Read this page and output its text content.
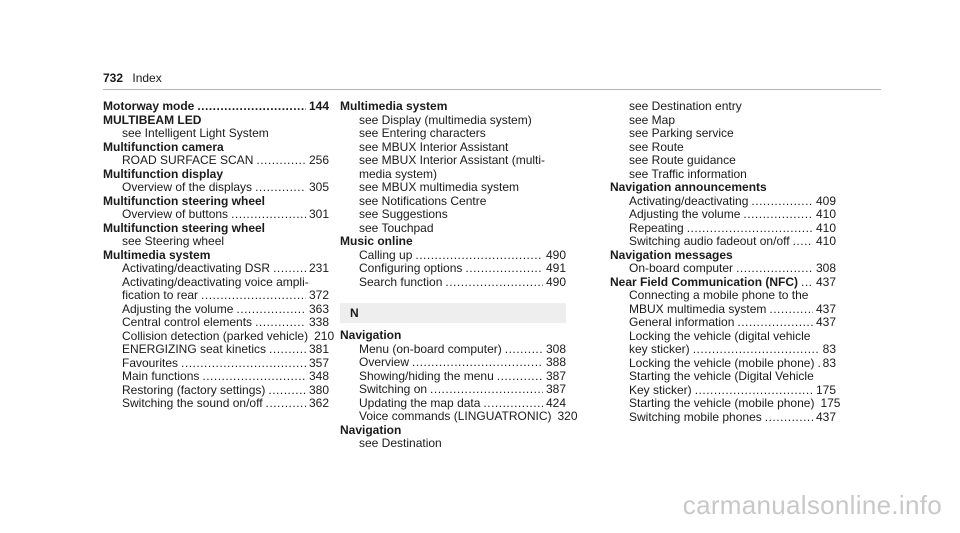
732 Index
Motorway mode .....	144
MULTIBEAM LED
see Intelligent Light System
Multifunction camera
ROAD SURFACE SCAN .....	256
Multifunction display
Overview of the displays .....	305
Multifunction steering wheel
Overview of buttons .....	301
Multifunction steering wheel
see Steering wheel
Multimedia system
Activating/deactivating DSR .....	231
Activating/deactivating voice ampli-
fication to rear .....	372
Adjusting the volume .....	363
Central control elements .....	338
Collision detection (parked vehicle) 210
ENERGIZING seat kinetics .....	381
Favourites .....	357
Main functions .....	348
Restoring (factory settings) .....	380
Switching the sound on/off .....	362
Multimedia system
see Display (multimedia system)
see Entering characters
see MBUX Interior Assistant
see MBUX Interior Assistant (multi-
media system)
see MBUX multimedia system
see Notifications Centre
see Suggestions
see Touchpad
Music online
Calling up .....	490
Configuring options .....	491
Search function .....	490
N
Navigation
Menu (on-board computer) .....	308
Overview .....	388
Showing/hiding the menu .....	387
Switching on .....	387
Updating the map data .....	424
Voice commands (LINGUATRONIC) 320
Navigation
see Destination
see Destination entry
see Map
see Parking service
see Route
see Route guidance
see Traffic information
Navigation announcements
Activating/deactivating .....	409
Adjusting the volume .....	410
Repeating .....	410
Switching audio fadeout on/off ..... 410
Navigation messages
On-board computer .....	308
Near Field Communication (NFC) ..... 437
Connecting a mobile phone to the
MBUX multimedia system .....	437
General information .....	437
Locking the vehicle (digital vehicle
key sticker) .....	83
Locking the vehicle (mobile phone) ..... 83
Starting the vehicle (Digital Vehicle
Key sticker) .....	175
Starting the vehicle (mobile phone) 175
Switching mobile phones .....	437
carmanualsonline.info
